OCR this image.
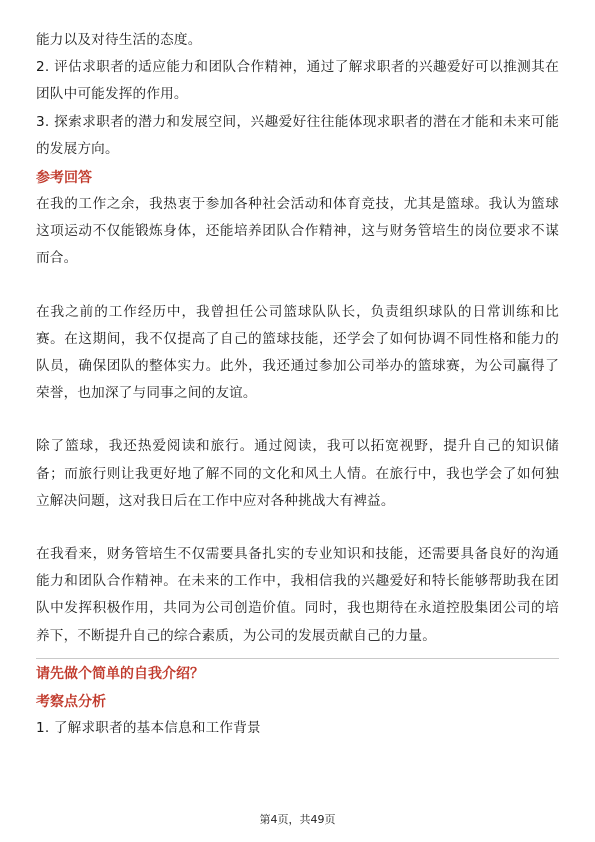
能力以及对待生活的态度。

2. 评估求职者的适应能力和团队合作精神，通过了解求职者的兴趣爱好可以推测其在团队中可能发挥的作用。

3. 探索求职者的潜力和发展空间，兴趣爱好往往能体现求职者的潜在才能和未来可能的发展方向。

参考回答

在我的工作之余，我热衷于参加各种社会活动和体育竞技，尤其是篮球。我认为篮球这项运动不仅能锻炼身体，还能培养团队合作精神，这与财务管培生的岗位要求不谋而合。

在我之前的工作经历中，我曾担任公司篮球队队长，负责组织球队的日常训练和比赛。在这期间，我不仅提高了自己的篮球技能，还学会了如何协调不同性格和能力的队员，确保团队的整体实力。此外，我还通过参加公司举办的篮球赛，为公司赢得了荣誉，也加深了与同事之间的友谊。

除了篮球，我还热爱阅读和旅行。通过阅读，我可以拓宽视野，提升自己的知识储备；而旅行则让我更好地了解不同的文化和风土人情。在旅行中，我也学会了如何独立解决问题，这对我日后在工作中应对各种挑战大有裨益。

在我看来，财务管培生不仅需要具备扎实的专业知识和技能，还需要具备良好的沟通能力和团队合作精神。在未来的工作中，我相信我的兴趣爱好和特长能够帮助我在团队中发挥积极作用，共同为公司创造价值。同时，我也期待在永道控股集团公司的培养下，不断提升自己的综合素质，为公司的发展贡献自己的力量。

请先做个简单的自我介绍？
考察点分析

1. 了解求职者的基本信息和工作背景

第4页，共49页
